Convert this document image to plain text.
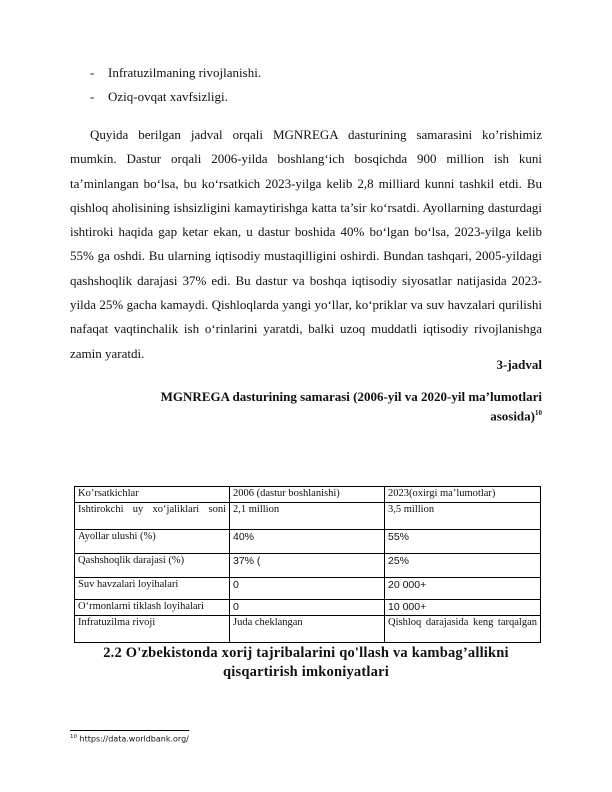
- Infratuzilmaning rivojlanishi.
- Oziq-ovqat xavfsizligi.

Quyida berilgan jadval orqali MGNREGA dasturining samarasini ko’rishimiz mumkin. Dastur orqali 2006-yilda boshlang‘ich bosqichda 900 million ish kuni ta’minlangan bo‘lsa, bu ko‘rsatkich 2023-yilga kelib 2,8 milliard kunni tashkil etdi. Bu qishloq aholisining ishsizligini kamaytirishga katta ta’sir ko‘rsatdi. Ayollarning dasturdagi ishtiroki haqida gap ketar ekan, u dastur boshida 40% bo‘lgan bo‘lsa, 2023-yilga kelib 55% ga oshdi. Bu ularning iqtisodiy mustaqilligini oshirdi. Bundan tashqari, 2005-yildagi qashshoqlik darajasi 37% edi. Bu dastur va boshqa iqtisodiy siyosatlar natijasida 2023-yilda 25% gacha kamaydi. Qishloqlarda yangi yo‘llar, ko‘priklar va suv havzalari qurilishi nafaqat vaqtinchalik ish o‘rinlarini yaratdi, balki uzoq muddatli iqtisodiy rivojlanishga zamin yaratdi.

3-jadval
MGNREGA dasturining samarasi (2006-yil va 2020-yil ma’lumotlari asosida)$^{10}$
Ko’rsatkichlar	2006 (dastur boshlanishi)	2023(oxirgi ma’lumotlar)
Ishtirokchi uy xo‘jaliklari soni	2,1 million	3,5 million
Ayollar ulushi (%)	40%	55%
Qashshoqlik darajasi (%)	37% (	25%
Suv havzalari loyihalari	0	20 000+
O‘rmonlarni tiklash loyihalari	0	10 000+
Infratuzilma rivoji	Juda cheklangan	Qishloq darajasida keng tarqalgan
2.2 O'zbekistonda xorij tajribalarini qo'llash va kambag’allikni qisqartirish imkoniyatlari
$^{10}$ https://data.worldbank.org/
